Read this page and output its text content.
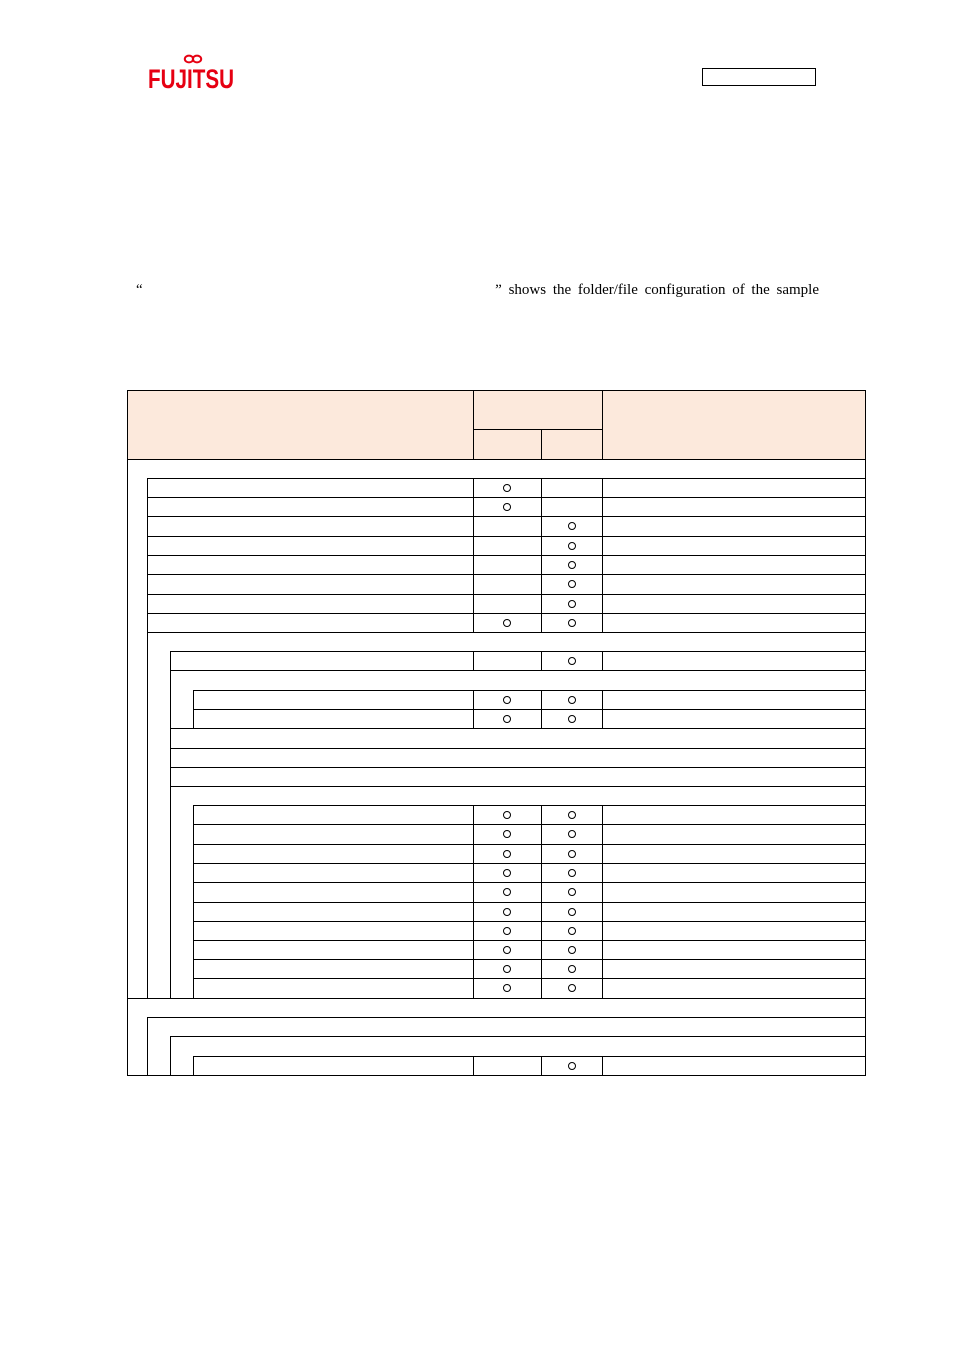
FUJITSU
“	” shows the folder/file configuration of the sample
